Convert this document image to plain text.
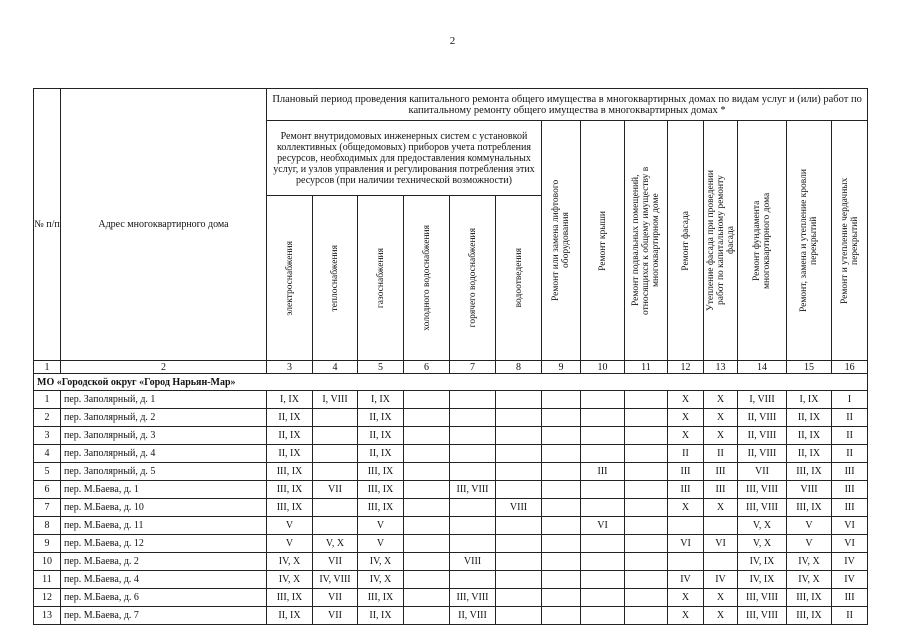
2
№ п/п	Адрес многоквартирного дома	Плановый период проведения капитального ремонта общего имущества в многоквартирных домах по видам услуг и (или) работ по капитальному ремонту общего имущества в многоквартирных домах *													
		Ремонт внутридомовых инженерных систем с установкой коллективных (общедомовых) приборов учета потребления ресурсов, необходимых для предоставления коммунальных услуг, и узлов управления и регулирования потребления этих ресурсов (при наличии технической возможности)						Ремонт или замена лифтового оборудования	Ремонт крыши	Ремонт подвальных помещений, относящихся к общему имуществу в многоквартирном доме	Ремонт фасада	Утепление фасада при проведении работ по капитальному ремонту фасада	Ремонт фундамента многоквартирного дома	Ремонт, замена и утепление кровли перекрытий	Ремонт и утепление чердачных перекрытий

		электроснабжения	теплоснабжения	газоснабжения	холодного водоснабжения	горячего водоснабжения	водоотведения								

1	2	3	4	5	6	7	8	9	10	11	12	13	14	15	16
МО «Городской округ «Город Нарьян-Мар»															
1	пер. Заполярный, д. 1	I, IX	I, VIII	I, IX							X	X	I, VIII	I, IX	I
2	пер. Заполярный, д. 2	II, IX		II, IX							X	X	II, VIII	II, IX	II
3	пер. Заполярный, д. 3	II, IX		II, IX							X	X	II, VIII	II, IX	II
4	пер. Заполярный, д. 4	II, IX		II, IX							II	II	II, VIII	II, IX	II
5	пер. Заполярный, д. 5	III, IX		III, IX					III		III	III	VII	III, IX	III
6	пер. М.Баева, д. 1	III, IX	VII	III, IX		III, VIII					III	III	III, VIII	VIII	III
7	пер. М.Баева, д. 10	III, IX		III, IX			VIII				X	X	III, VIII	III, IX	III
8	пер. М.Баева, д. 11	V		V					VI				V, X	V	VI
9	пер. М.Баева, д. 12	V	V, X	V							VI	VI	V, X	V	VI
10	пер. М.Баева, д. 2	IV, X	VII	IV, X		VIII							IV, IX	IV, X	IV
11	пер. М.Баева, д. 4	IV, X	IV, VIII	IV, X							IV	IV	IV, IX	IV, X	IV
12	пер. М.Баева, д. 6	III, IX	VII	III, IX		III, VIII					X	X	III, VIII	III, IX	III
13	пер. М.Баева, д. 7	II, IX	VII	II, IX		II, VIII					X	X	III, VIII	III, IX	II
